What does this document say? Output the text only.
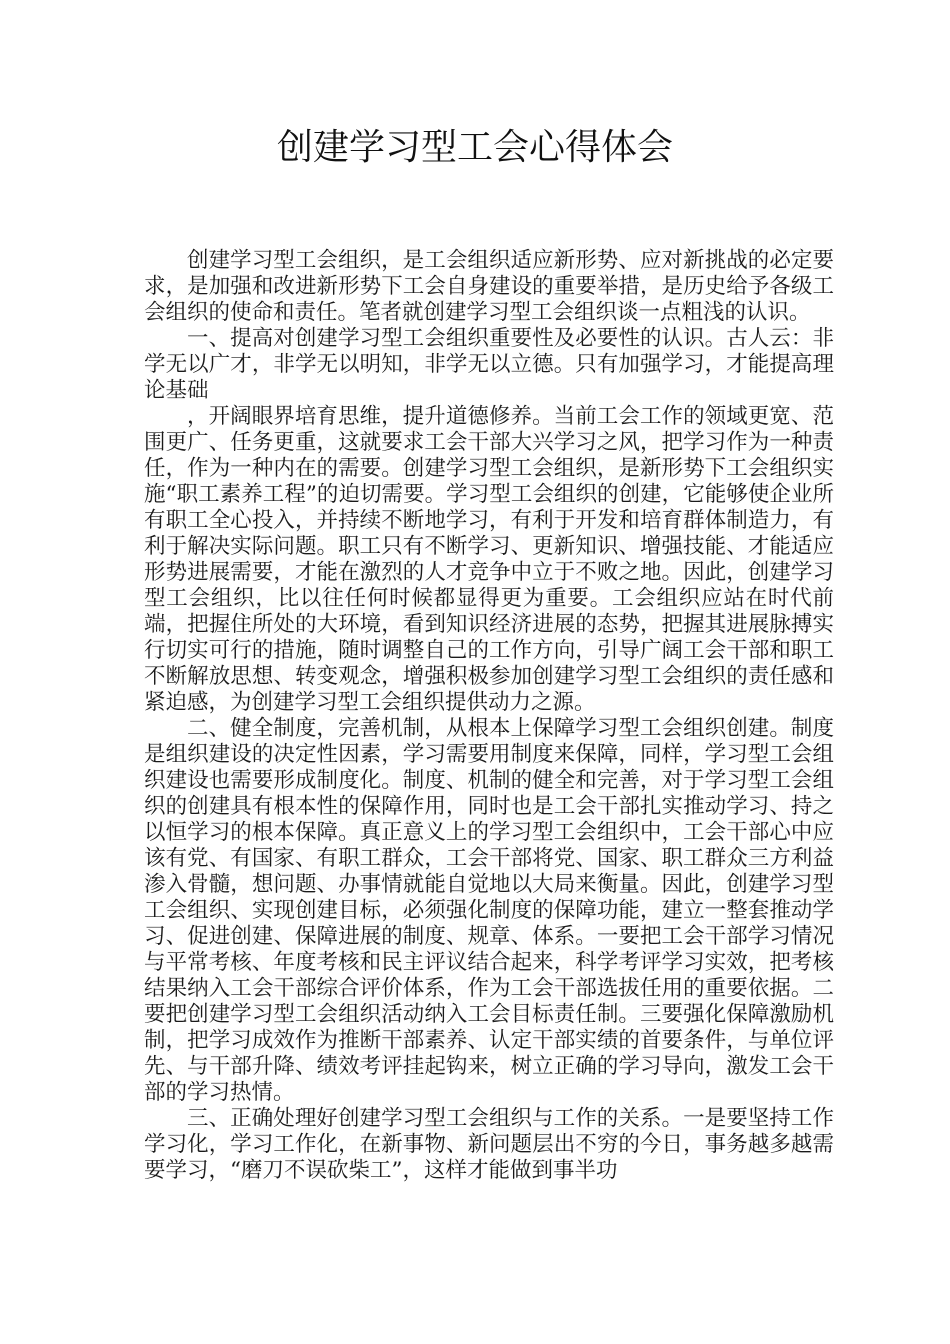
创建学习型工会心得体会

创建学习型工会组织，是工会组织适应新形势、应对新挑战的必定要求，是加强和改进新形势下工会自身建设的重要举措，是历史给予各级工会组织的使命和责任。笔者就创建学习型工会组织谈一点粗浅的认识。

一、提高对创建学习型工会组织重要性及必要性的认识。古人云：非学无以广才，非学无以明知，非学无以立德。只有加强学习，才能提高理论基础

，开阔眼界培育思维，提升道德修养。当前工会工作的领域更宽、范围更广、任务更重，这就要求工会干部大兴学习之风，把学习作为一种责任，作为一种内在的需要。创建学习型工会组织，是新形势下工会组织实施“职工素养工程”的迫切需要。学习型工会组织的创建，它能够使企业所有职工全心投入，并持续不断地学习，有利于开发和培育群体制造力，有利于解决实际问题。职工只有不断学习、更新知识、增强技能、才能适应形势进展需要，才能在激烈的人才竞争中立于不败之地。因此，创建学习型工会组织，比以往任何时候都显得更为重要。工会组织应站在时代前端，把握住所处的大环境，看到知识经济进展的态势，把握其进展脉搏实行切实可行的措施，随时调整自己的工作方向，引导广阔工会干部和职工不断解放思想、转变观念，增强积极参加创建学习型工会组织的责任感和紧迫感，为创建学习型工会组织提供动力之源。

二、健全制度，完善机制，从根本上保障学习型工会组织创建。制度是组织建设的决定性因素，学习需要用制度来保障，同样，学习型工会组织建设也需要形成制度化。制度、机制的健全和完善，对于学习型工会组织的创建具有根本性的保障作用，同时也是工会干部扎实推动学习、持之以恒学习的根本保障。真正意义上的学习型工会组织中，工会干部心中应该有党、有国家、有职工群众，工会干部将党、国家、职工群众三方利益渗入骨髓，想问题、办事情就能自觉地以大局来衡量。因此，创建学习型工会组织、实现创建目标，必须强化制度的保障功能，建立一整套推动学习、促进创建、保障进展的制度、规章、体系。一要把工会干部学习情况与平常考核、年度考核和民主评议结合起来，科学考评学习实效，把考核结果纳入工会干部综合评价体系，作为工会干部选拔任用的重要依据。二要把创建学习型工会组织活动纳入工会目标责任制。三要强化保障激励机制，把学习成效作为推断干部素养、认定干部实绩的首要条件，与单位评先、与干部升降、绩效考评挂起钩来，树立正确的学习导向，激发工会干部的学习热情。

三、正确处理好创建学习型工会组织与工作的关系。一是要坚持工作学习化，学习工作化，在新事物、新问题层出不穷的今日，事务越多越需要学习，“磨刀不误砍柴工”，这样才能做到事半功
